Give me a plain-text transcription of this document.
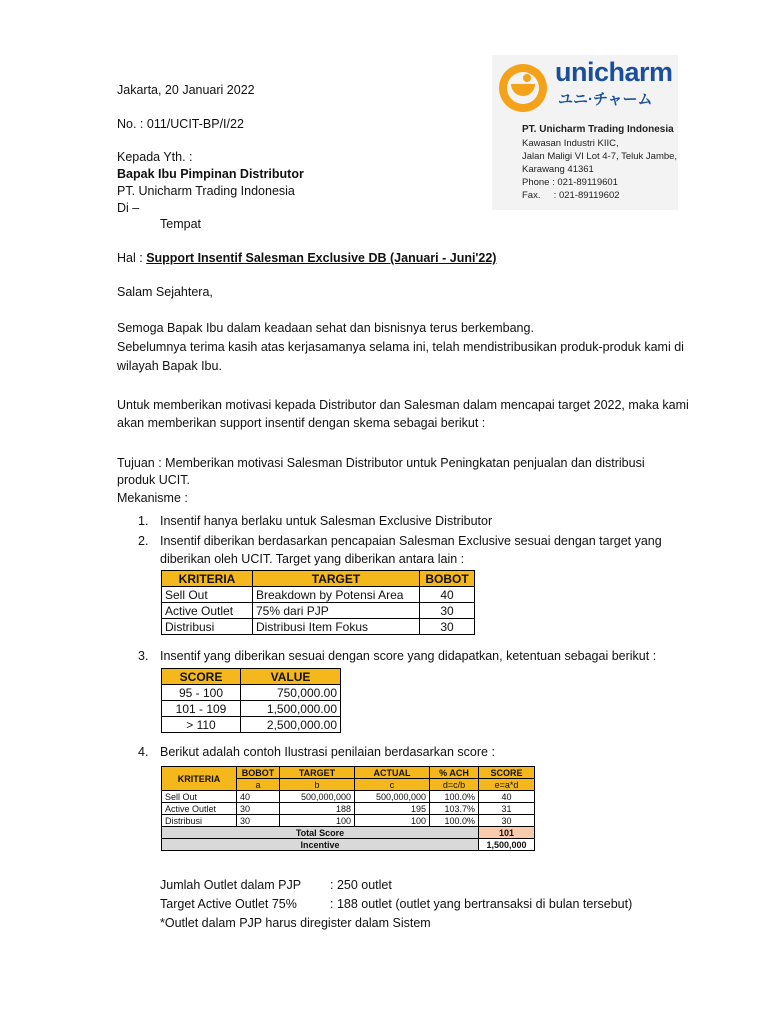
Jakarta, 20 Januari 2022
No. : 011/UCIT-BP/I/22
Kepada Yth. :
Bapak Ibu Pimpinan Distributor
PT. Unicharm Trading Indonesia
Di –
Tempat
unicharm
ユニ·チャーム
PT. Unicharm Trading Indonesia
Kawasan Industri KIIC,
Jalan Maligi VI Lot 4-7, Teluk Jambe,
Karawang 41361
Phone : 021-89119601
Fax.     : 021-89119602
Hal : Support Insentif Salesman Exclusive DB (Januari - Juni'22)
Salam Sejahtera,
Semoga Bapak Ibu dalam keadaan sehat dan bisnisnya terus berkembang.
Sebelumnya terima kasih atas kerjasamanya selama ini, telah mendistribusikan produk-produk kami di
wilayah Bapak Ibu.
Untuk memberikan motivasi kepada Distributor dan Salesman dalam mencapai target 2022, maka kami
akan memberikan support insentif dengan skema sebagai berikut :
Tujuan : Memberikan motivasi Salesman Distributor untuk Peningkatan penjualan dan distribusi
produk UCIT.
Mekanisme :
1. Insentif hanya berlaku untuk Salesman Exclusive Distributor
2. Insentif diberikan berdasarkan pencapaian Salesman Exclusive sesuai dengan target yang
diberikan oleh UCIT. Target yang diberikan antara lain :
KRITERIA	TARGET	BOBOT
Sell Out	Breakdown by Potensi Area	40
Active Outlet	75% dari PJP	30
Distribusi	Distribusi Item Fokus	30
3. Insentif yang diberikan sesuai dengan score yang didapatkan, ketentuan sebagai berikut :
SCORE	VALUE
95 - 100	750,000.00
101 - 109	1,500,000.00
> 110	2,500,000.00
4. Berikut adalah contoh Ilustrasi penilaian berdasarkan score :
KRITERIA	BOBOT	TARGET	ACTUAL	% ACH	SCORE
	a	b	c	d=c/b	e=a*d
Sell Out	40	500,000,000	500,000,000	100.0%	40
Active Outlet	30	188	195	103.7%	31
Distribusi	30	100	100	100.0%	30
Total Score					101
Incentive					1,500,000
Jumlah Outlet dalam PJP : 250 outlet
Target Active Outlet 75%	: 188 outlet (outlet yang bertransaksi di bulan tersebut)
*Outlet dalam PJP harus diregister dalam Sistem
